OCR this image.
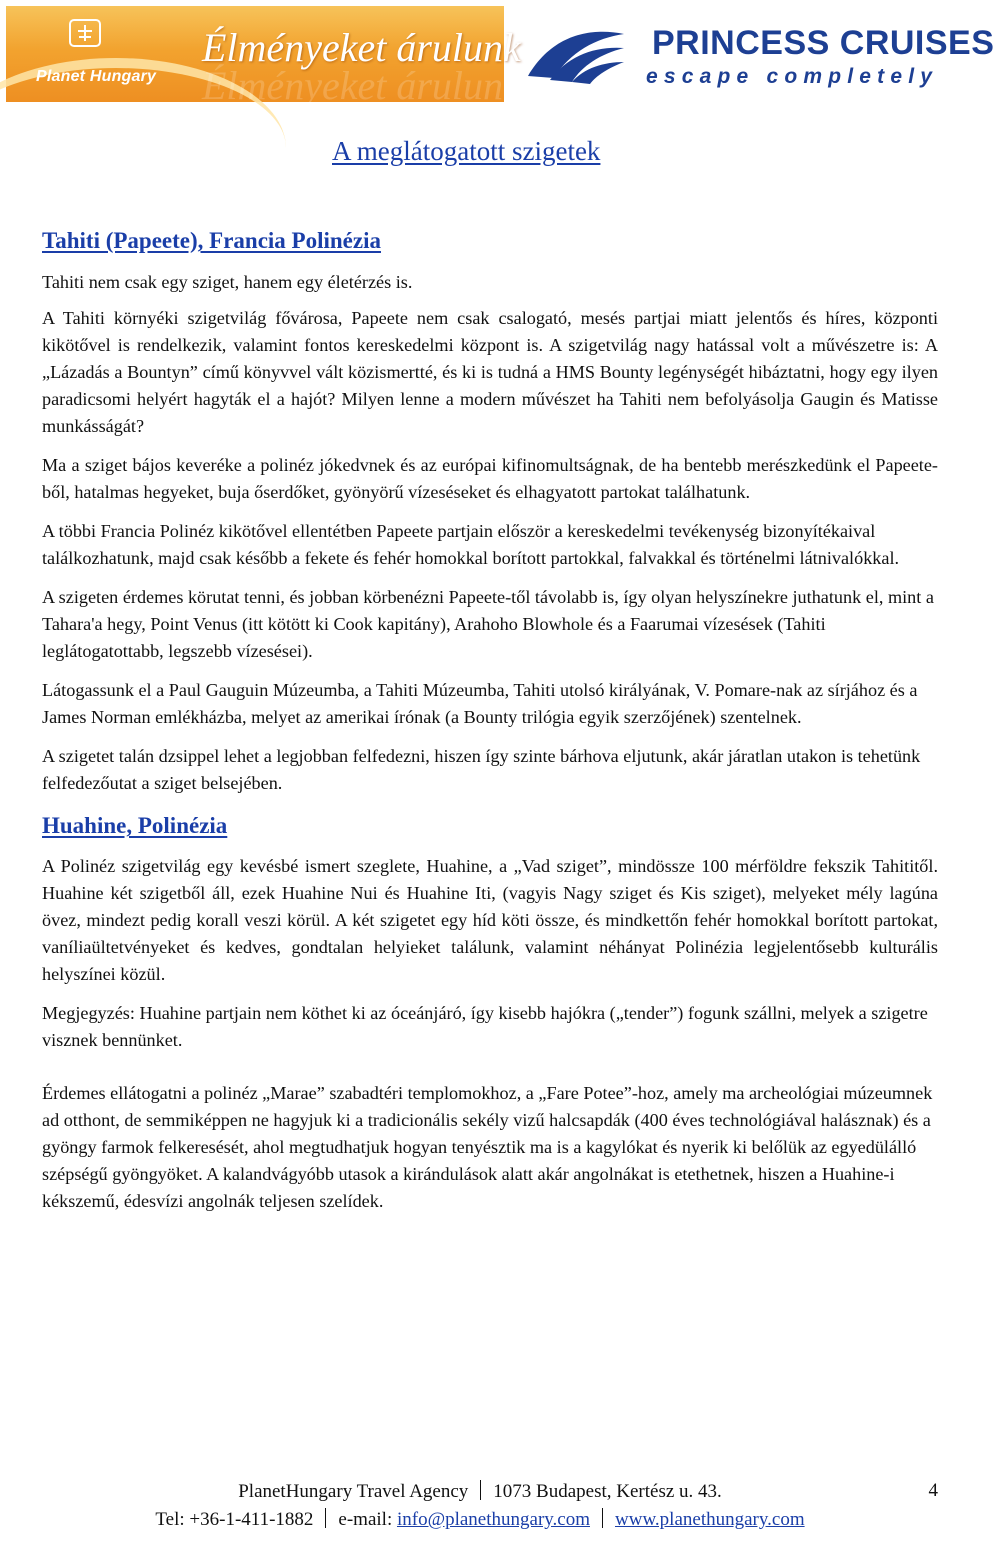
Planet Hungary Élményeket árulunk
Élményeket árulunk	PRINCESS CRUISES
escape completely
A meglátogatott szigetek
Tahiti (Papeete), Francia Polinézia

Tahiti nem csak egy sziget, hanem egy életérzés is.

A Tahiti környéki szigetvilág fővárosa, Papeete nem csak csalogató, mesés partjai miatt jelentős és híres, központi kikötővel is rendelkezik, valamint fontos kereskedelmi központ is. A szigetvilág nagy hatással volt a művészetre is: A „Lázadás a Bountyn” című könyvvel vált közismertté, és ki is tudná a HMS Bounty legénységét hibáztatni, hogy egy ilyen paradicsomi helyért hagyták el a hajót? Milyen lenne a modern művészet ha Tahiti nem befolyásolja Gaugin és Matisse munkásságát?

Ma a sziget bájos keveréke a polinéz jókedvnek és az európai kifinomultságnak, de ha bentebb merészkedünk el Papeete-ből, hatalmas hegyeket, buja őserdőket, gyönyörű vízeséseket és elhagyatott partokat találhatunk.

A többi Francia Polinéz kikötővel ellentétben Papeete partjain először a kereskedelmi tevékenység bizonyítékaival találkozhatunk, majd csak később a fekete és fehér homokkal borított partokkal, falvakkal és történelmi látnivalókkal.

A szigeten érdemes körutat tenni, és jobban körbenézni Papeete-től távolabb is, így olyan helyszínekre juthatunk el, mint a Tahara'a hegy, Point Venus (itt kötött ki Cook kapitány), Arahoho Blowhole és a Faarumai vízesések (Tahiti leglátogatottabb, legszebb vízesései).

Látogassunk el a Paul Gauguin Múzeumba, a Tahiti Múzeumba, Tahiti utolsó királyának, V. Pomare-nak az sírjához és a James Norman emlékházba, melyet az amerikai írónak (a Bounty trilógia egyik szerzőjének) szentelnek.

A szigetet talán dzsippel lehet a legjobban felfedezni, hiszen így szinte bárhova eljutunk, akár járatlan utakon is tehetünk felfedezőutat a sziget belsejében.

Huahine, Polinézia

A Polinéz szigetvilág egy kevésbé ismert szeglete, Huahine, a „Vad sziget”, mindössze 100 mérföldre fekszik Tahititől. Huahine két szigetből áll, ezek Huahine Nui és Huahine Iti, (vagyis Nagy sziget és Kis sziget), melyeket mély lagúna övez, mindezt pedig korall veszi körül. A két szigetet egy híd köti össze, és mindkettőn fehér homokkal borított partokat, vaníliaültetvényeket és kedves, gondtalan helyieket találunk, valamint néhányat Polinézia legjelentősebb kulturális helyszínei közül.

Megjegyzés: Huahine partjain nem köthet ki az óceánjáró, így kisebb hajókra („tender”) fogunk szállni, melyek a szigetre visznek bennünket.

Érdemes ellátogatni a polinéz „Marae” szabadtéri templomokhoz, a „Fare Potee”-hoz, amely ma archeológiai múzeumnek ad otthont, de semmiképpen ne hagyjuk ki a tradicionális sekély vizű halcsapdák (400 éves technológiával halásznak) és a gyöngy farmok felkeresését, ahol megtudhatjuk hogyan tenyésztik ma is a kagylókat és nyerik ki belőlük az egyedülálló szépségű gyöngyöket. A kalandvágyóbb utasok a kirándulások alatt akár angolnákat is etethetnek, hiszen a Huahine-i kékszemű, édesvízi angolnák teljesen szelídek.

PlanetHungary Travel Agency 1073 Budapest, Kertész u. 43.	4
Tel: +36-1-411-1882 e-mail: info@planethungary.com www.planethungary.com
